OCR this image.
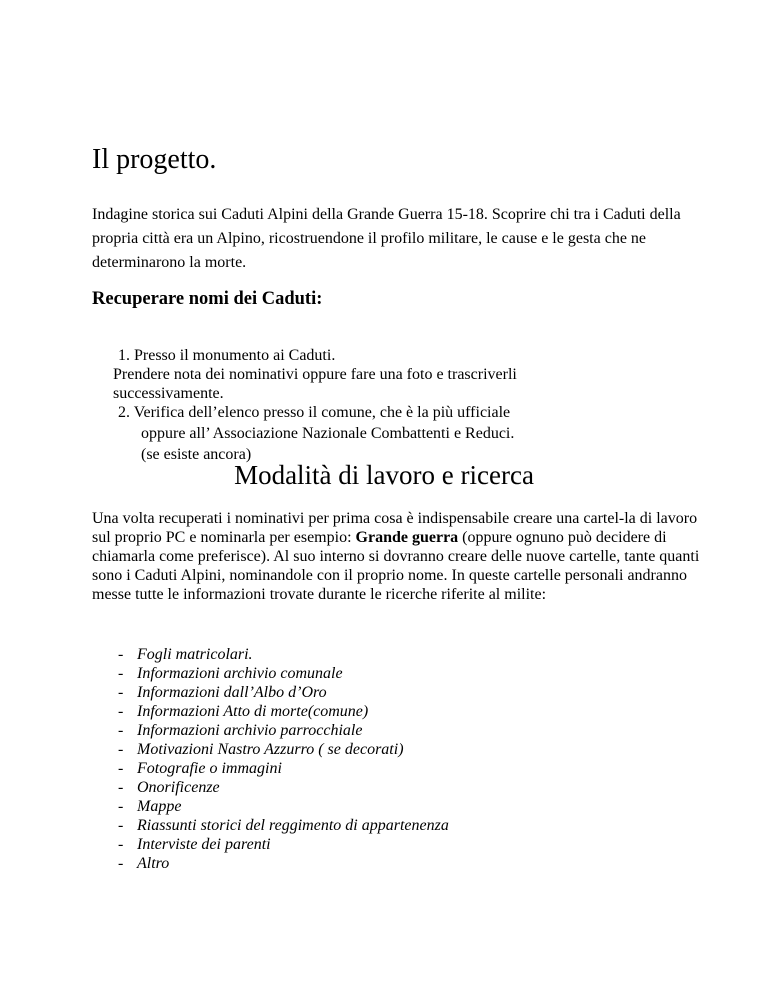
Il progetto.

Indagine storica sui Caduti Alpini della Grande Guerra 15-18. Scoprire chi tra i Caduti della propria città era un Alpino, ricostruendone il profilo militare, le cause e le gesta che ne determinarono la morte.

Recuperare nomi dei Caduti:
1. Presso il monumento ai Caduti.
Prendere nota dei nominativi oppure fare una foto e trascriverli
successivamente.
2. Verifica dell’elenco presso il comune, che è la più ufficiale
oppure all’ Associazione Nazionale Combattenti e Reduci.
(se esiste ancora)
Modalità di lavoro e ricerca

Una volta recuperati i nominativi per prima cosa è indispensabile creare una cartel-la di lavoro sul proprio PC e nominarla per esempio: Grande guerra (oppure ognuno può decidere di chiamarla come preferisce). Al suo interno si dovranno creare delle nuove cartelle, tante quanti sono i Caduti Alpini, nominandole con il proprio nome. In queste cartelle personali andranno messe tutte le informazioni trovate durante le ricerche riferite al milite:

- Fogli matricolari.
- Informazioni archivio comunale
- Informazioni dall’Albo d’Oro
- Informazioni Atto di morte(comune)
- Informazioni archivio parrocchiale
- Motivazioni Nastro Azzurro ( se decorati)
- Fotografie o immagini
- Onorificenze
- Mappe
- Riassunti storici del reggimento di appartenenza
- Interviste dei parenti
- Altro
